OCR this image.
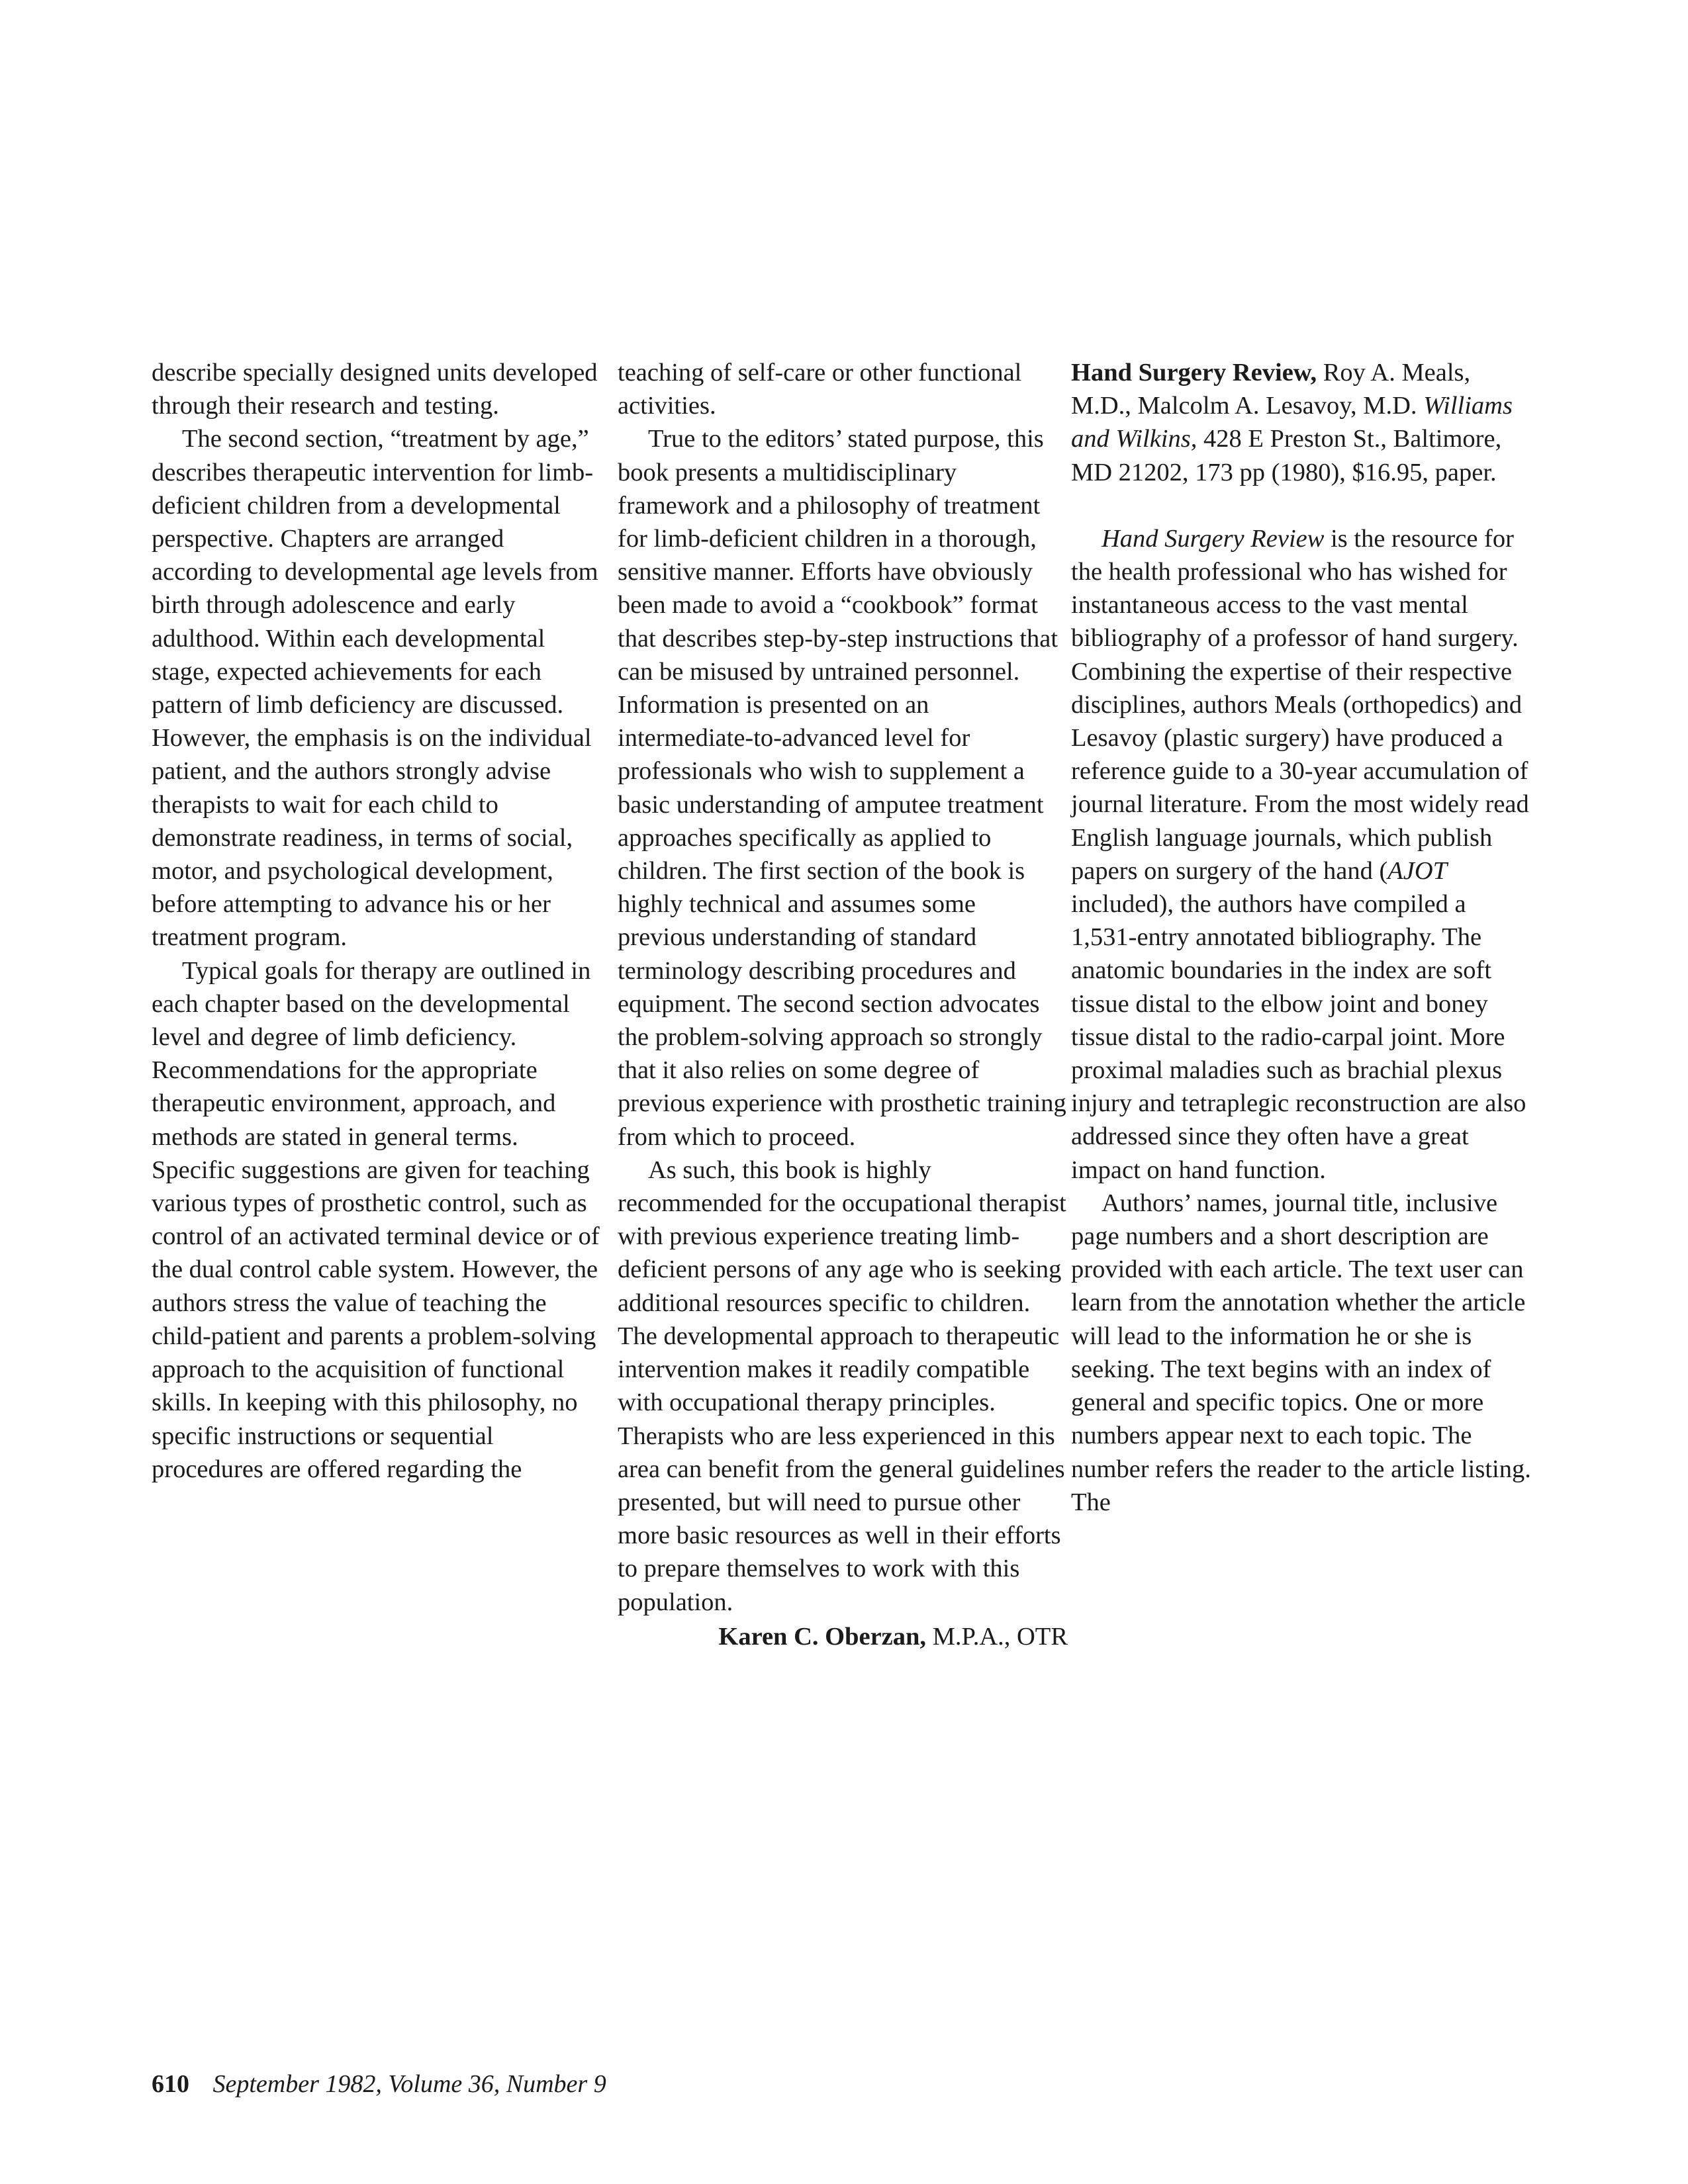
describe specially designed units developed through their research and testing.

The second section, “treatment by age,” describes therapeutic intervention for limb-deficient children from a developmental perspective. Chapters are arranged according to developmental age levels from birth through adolescence and early adulthood. Within each developmental stage, expected achievements for each pattern of limb deficiency are discussed. However, the emphasis is on the individual patient, and the authors strongly advise therapists to wait for each child to demonstrate readiness, in terms of social, motor, and psychological development, before attempting to advance his or her treatment program.

Typical goals for therapy are outlined in each chapter based on the developmental level and degree of limb deficiency. Recommendations for the appropriate therapeutic environment, approach, and methods are stated in general terms. Specific suggestions are given for teaching various types of prosthetic control, such as control of an activated terminal device or of the dual control cable system. However, the authors stress the value of teaching the child-patient and parents a problem-solving approach to the acquisition of functional skills. In keeping with this philosophy, no specific instructions or sequential procedures are offered regarding the

teaching of self-care or other functional activities.

True to the editors’ stated purpose, this book presents a multidisciplinary framework and a philosophy of treatment for limb-deficient children in a thorough, sensitive manner. Efforts have obviously been made to avoid a “cookbook” format that describes step-by-step instructions that can be misused by untrained personnel. Information is presented on an intermediate-to-advanced level for professionals who wish to supplement a basic understanding of amputee treatment approaches specifically as applied to children. The first section of the book is highly technical and assumes some previous understanding of standard terminology describing procedures and equipment. The second section advocates the problem-solving approach so strongly that it also relies on some degree of previous experience with prosthetic training from which to proceed.

As such, this book is highly recommended for the occupational therapist with previous experience treating limb-deficient persons of any age who is seeking additional resources specific to children. The developmental approach to therapeutic intervention makes it readily compatible with occupational therapy principles. Therapists who are less experienced in this area can benefit from the general guidelines presented, but will need to pursue other more basic resources as well in their efforts to prepare themselves to work with this population.

Karen C. Oberzan, M.P.A., OTR

Hand Surgery Review, Roy A. Meals, M.D., Malcolm A. Lesavoy, M.D. Williams and Wilkins, 428 E Preston St., Baltimore, MD 21202, 173 pp (1980), $16.95, paper.

Hand Surgery Review is the resource for the health professional who has wished for instantaneous access to the vast mental bibliography of a professor of hand surgery. Combining the expertise of their respective disciplines, authors Meals (orthopedics) and Lesavoy (plastic surgery) have produced a reference guide to a 30-year accumulation of journal literature. From the most widely read English language journals, which publish papers on surgery of the hand (AJOT included), the authors have compiled a 1,531-entry annotated bibliography. The anatomic boundaries in the index are soft tissue distal to the elbow joint and boney tissue distal to the radio-carpal joint. More proximal maladies such as brachial plexus injury and tetraplegic reconstruction are also addressed since they often have a great impact on hand function.

Authors’ names, journal title, inclusive page numbers and a short description are provided with each article. The text user can learn from the annotation whether the article will lead to the information he or she is seeking. The text begins with an index of general and specific topics. One or more numbers appear next to each topic. The number refers the reader to the article listing. The

610 September 1982, Volume 36, Number 9
